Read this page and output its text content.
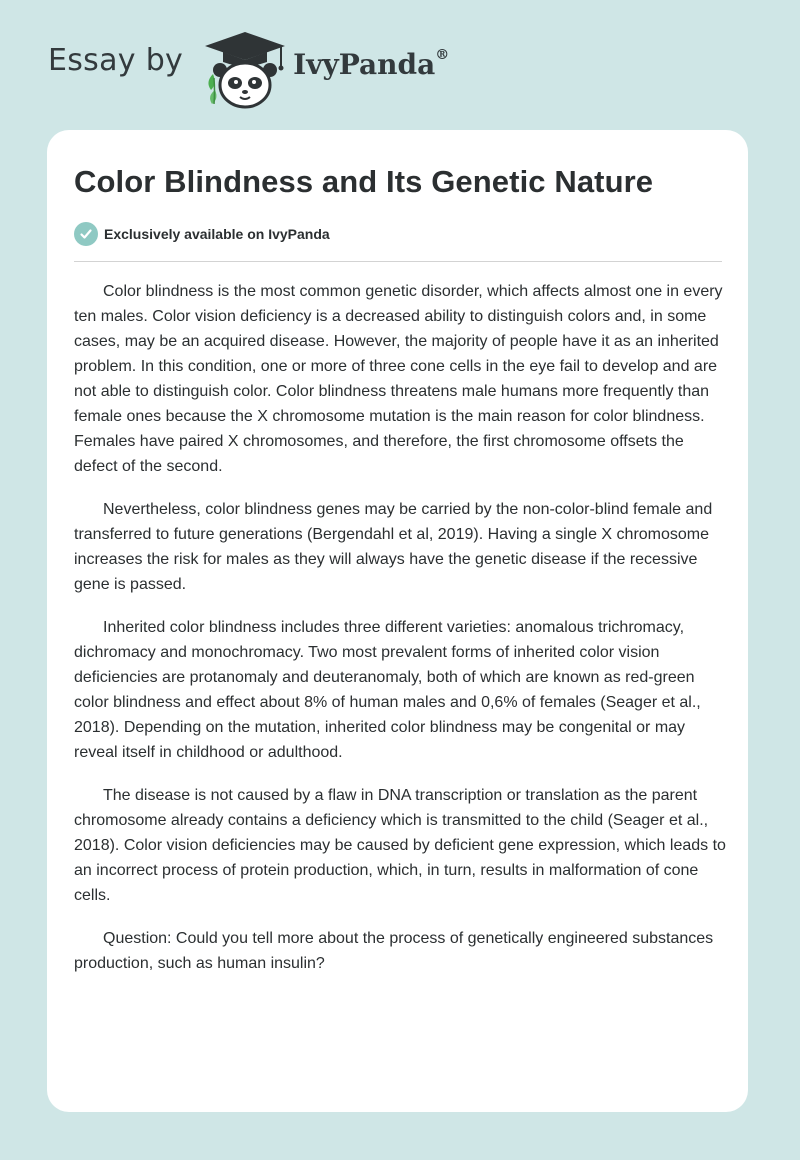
Essay by	IvyPanda®
Color Blindness and Its Genetic Nature
Exclusively available on IvyPanda

Color blindness is the most common genetic disorder, which affects almost one in every ten males. Color vision deficiency is a decreased ability to distinguish colors and, in some cases, may be an acquired disease. However, the majority of people have it as an inherited problem. In this condition, one or more of three cone cells in the eye fail to develop and are not able to distinguish color. Color blindness threatens male humans more frequently than female ones because the X chromosome mutation is the main reason for color blindness. Females have paired X chromosomes, and therefore, the first chromosome offsets the defect of the second.

Nevertheless, color blindness genes may be carried by the non-color-blind female and transferred to future generations (Bergendahl et al, 2019). Having a single X chromosome increases the risk for males as they will always have the genetic disease if the recessive gene is passed.

Inherited color blindness includes three different varieties: anomalous trichromacy, dichromacy and monochromacy. Two most prevalent forms of inherited color vision deficiencies are protanomaly and deuteranomaly, both of which are known as red-green color blindness and effect about 8% of human males and 0,6% of females (Seager et al., 2018). Depending on the mutation, inherited color blindness may be congenital or may reveal itself in childhood or adulthood.

The disease is not caused by a flaw in DNA transcription or translation as the parent chromosome already contains a deficiency which is transmitted to the child (Seager et al., 2018). Color vision deficiencies may be caused by deficient gene expression, which leads to an incorrect process of protein production, which, in turn, results in malformation of cone cells.

Question: Could you tell more about the process of genetically engineered substances production, such as human insulin?
